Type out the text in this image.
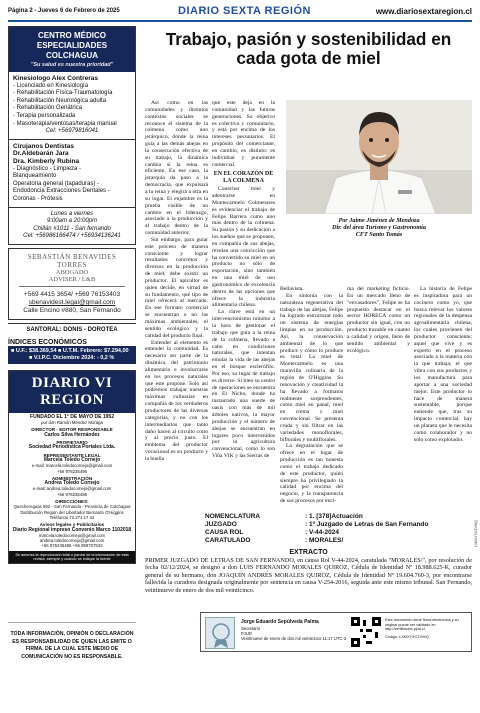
Página 2 - Jueves 6 de Febrero de 2025	DIARIO SEXTA REGIÓN	www.diariosextaregion.cl
CENTRO MÉDICO ESPECIALIDADES COLCHAGUA
"Su salud es nuestra prioridad"
Kinesiologo Alex Contreras
- Licenciado en Kinesiología
- Rehabilitación Física-Traumatología
- Rehabilitación Neurológica adulta
- Rehabilitación Geriátrica
- Terapia personalizada
- Masoterapia/ventosas/terapia manual
Cel: +56979816041
Cirujanos Dentistas
Dr.Aldebarán Jara
Dra. Kimberly Rubina
- Diagnóstico - Limpieza -
Blanqueamiento
Operatoria general (tapaduras) -
Endodoncia Extracciones Dentales -
Coronas - Prótesis
Lunes a viernes
9:00am a 20:00pm
Chillán #1011 - San fernando
Cel: +56986166474 / +56934136241
SEBASTIÁN BENAVIDES TORRES
ABOGADO
ADVISER / L&B
+569 4415 3654/ +569 76153403
sbenavidest.legal@gmail.com
Calle Encino #880, San Fernando
SANTORAL: DONIS - DOROTEA
ÍNDICES ECONÓMICOS
■ U.F.: $38.369,54 ■ U.T.M. Febrero: $7.294,00
■ V.I.P.C. Diciembre 2024: - 0,2 %
DIARIO VI REGION
FUNDADO EL 1° DE MAYO DE 1952
por don Ramón Mendez Moraga
DIRECTOR - EDITOR RESPONSABLE
Carlos Silva Hernández
PROPIETARIO
Sociedad Periodística Portales Ltda.
REPRESENTANTE LEGAL
Marcela Toledo Cornejo
e-mail: marcela.toledocornejo@gmail.com
+56 976235496
ADMINISTRACIÓN
Andrea Toledo Cornejo
e-mail: andrea.toledocornejo@gmail.com
+56 976235496
DIRECCIONES:
Quechereguas 592 - San Fernando - Provincia de Colchagua
Distribución Región del Libertador Bernardo O'Higgins
Teléfonos 72 271 17 42
Avisos legales y Publicitarios
Diario Regional impreso Convenio Marco 1102018
marcela.toledocornejo@gmail.com andrea.toledocornejo@gmail.com
+56 976235496 +56 958707532
Se autoriza la reproducción total o parcial de la información de esta revista, siempre y cuando se indique la fuente
TODA INFORMACIÓN, OPINIÓN O DECLARACIÓN ES RESPONSABILIDAD DE QUIEN LAS EMITE O FIRMA. DE LA CUAL ESTE MEDIO DE COMUNICACIÓN NO ES RESPONSABLE.
Trabajo, pasión y sostenibilidad en cada gota de miel

Así como en las comunidades y distintos contextos sociales se reconoce el sistema de la colmena como uno jerárquico, donde la reina guía a las demás abejas en la consecución efectiva de su trabajo, la dinámica cambia si la reina es eficiente. En ese caso, la jerarquía da paso a la democracia, que expulsará a la reina y elegirá a otra en su lugar. El enjambre es la prueba visible de un cambio en el liderazgo, asociado a la producción y al trabajo dentro de la comunidad anterior.

Sin embargo, para guiar este proceso de manera consciente y lograr resultados concretos y diversos en la producción de miel, debe existir un productor. El apicultor es quien decide, en virtud de su fundamento, qué tipo de miel ofrecerá al mercado. En ese formato comercial se encuentran o no las máximas ambientales, el sentido ecológico y la calidad del producto final.

Entender al elemento es entender la comunidad. Es necesario ser parte de la dinámica del patrimonio alimentario e involucrarse en los procesos naturales que este propone. Solo así podremos trabajar nuestras máximas culinarias en compañía de los verdaderos productores de las diversas categorías, y no con los intermediarios que tanto daño hacen al circuito corto y al precio justo. El emblema del productor vocacional es su producto y la huella

que este deja en la comunidad y las futuras generaciones. Su objetivo es colectivo y comunitario, y está por encima de los intereses pecuniarios. El propósito del comerciante, en cambio, es distinto: es individual y puramente comercial.

EN EL CORAZÓN DE LA COLMENA

Conechar miel y adentrarse en Montecarmelo Colmenares es evidenciar el trabajo de Felipe Barrera como uno más dentro de la colmena. Su pasión y su dedicación a los sueños que se proponen, en compañía de sus abejas, revelan una convicción que ha convertido su miel en un producto no sólo de exportación, sino también en una miel de uso gastronómico de excelencia dentro de las opciones que ofrece la industria alimentaria chilena.

La clave está en un intervencionismo mínimo a la hora de gestionar el trabajo que guía a la reina de la colmena, llevado a cabo en condiciones naturales, que intentan emular la vida de las abejas en el bosque esclerófilo. Por eso, su lugar de trabajo es diverso. Si bien su centro de operaciones se encuentra en El Nicho, donde ha instaurado una suerte de oasis con más de mil árboles nativos, la mayor producción y el número de abejas se encuentran en lugares poco intervenidos por la agricultura convencional, como lo son Viña VIK y las Sierras de

Por Jaime Jiménez de Mendoza
Dir. del área Turismo y Gastronomía
CFT Santo Tomás

Bellavista.

En sintonía con la naturaleza regenerativa del trabajo de las abejas, Felipe ha logrado estructurar todo un sistema de energías limpias en su producción. Así, la conservación ambiental de lo que produce y cómo lo produce es total. La miel de Montecarmelo es una maravilla culinaria de la región de O'Higgins. Su renovación y creatividad la ha llevado a formatos realmente sorprendentes, como miel en panal, miel en crema y miel convencional. Se presenta cruda y sin filtrar en las variedades monoflorales, biflorales y multiflorales.

La degustación que se ofrece en el lugar de producción es tan honesta como el trabajo dedicado de este productor, quien siempre ha privilegiado la calidad por encima del negocio, y la transparencia de sus procesos por enci-

ma del marketing ficticio. En un mercado lleno de "envasadores", Felipe se ha propuesto destacar en el sector HORECA como un productor sin igual, con un producto trazable en cuanto a calidad y origen, lleno de sentido ambiental y ecológico.

La historia de Felipe es inspiradora para un cocinero como yo, que busca relevar los valores regionales de la despensa agroalimentaria chilena, los cuales provienen del productor consciente: aquel que vive y es experto en el proceso asociado a la materia con la que trabaja; el que vibra con sus productos y los manufactura para aportar a una sociedad mejor. Este productor lo hace de manera sustentable, porque entiende que, tras su impacto comercial, hay un planeta que le necesita como colaborador y no solo como explotador.

NOMENCLATURA	: 1. [378]Actuación
JUZGADO	: 1º Juzgado de Letras de San Fernando
CAUSA ROL	: V-44-2024
CARATULADO	: MORALES/
EXTRACTO
PRIMER JUZGADO DE LETRAS DE SAN FERNANDO, en causa Rol V-44-2024, caratulada "MORALES/", por resolución de fecha 02/12/2024, se designó a don LUIS FERNANDO MORALES QUIROZ, Cédula de Identidad Nº 18.988.625-K, curador general de su hermano, don JOAQUÍN ANDRÉS MORALES QUIROZ, Cédula de Identidad Nº 19.604.760-3, por encontrarse fallecida la curadora designada originalmente por sentencia en causa V-254-2016, seguida ante este mismo tribunal. San Fernando, veintinueve de enero de dos mil veinticinco.
Jorge Eduardo Sepúlveda Palma
Secretario
PJUD
Veintinueve de enero de dos mil veinticinco 11:17 UTC-3
Este documento tiene firma electrónica y su original puede ser validado en http://verificadoc.pjud.cl
Código: LXMXYXCZVWQ
LXMXYXCZVWQ
